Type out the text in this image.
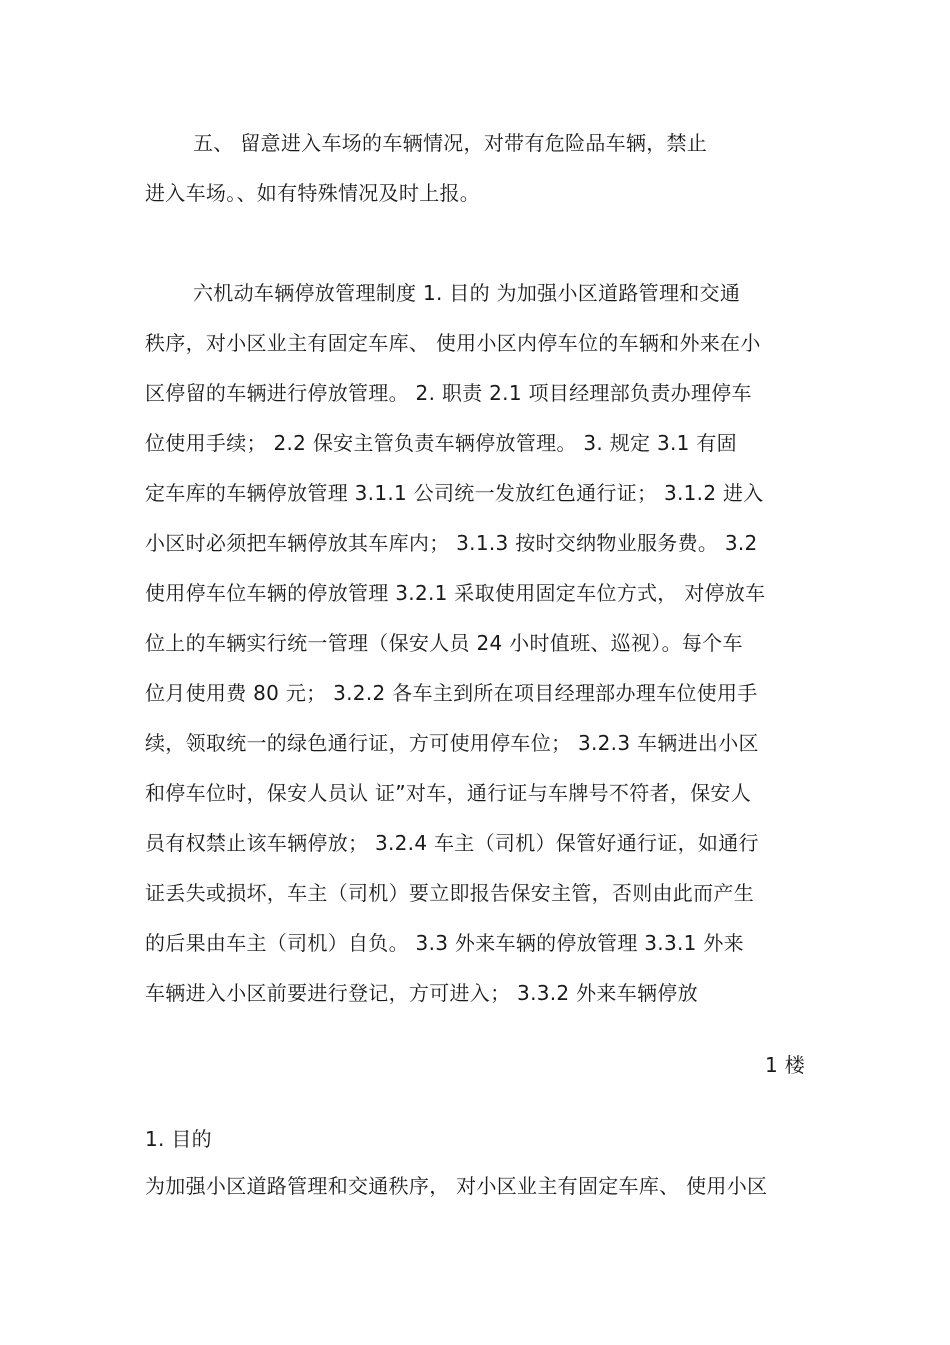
五、 留意进入车场的车辆情况，对带有危险品车辆，禁止
进入车场。、如有特殊情况及时上报。
六机动车辆停放管理制度 1. 目的 为加强小区道路管理和交通
秩序，对小区业主有固定车库、 使用小区内停车位的车辆和外来在小
区停留的车辆进行停放管理。 2. 职责 2.1 项目经理部负责办理停车
位使用手续； 2.2 保安主管负责车辆停放管理。 3. 规定 3.1 有固
定车库的车辆停放管理 3.1.1 公司统一发放红色通行证； 3.1.2 进入
小区时必须把车辆停放其车库内； 3.1.3 按时交纳物业服务费。 3.2
使用停车位车辆的停放管理 3.2.1 采取使用固定车位方式， 对停放车
位上的车辆实行统一管理（保安人员 24 小时值班、巡视）。每个车
位月使用费 80 元； 3.2.2 各车主到所在项目经理部办理车位使用手
续，领取统一的绿色通行证，方可使用停车位； 3.2.3 车辆进出小区
和停车位时，保安人员认 证”对车，通行证与车牌号不符者，保安人
员有权禁止该车辆停放； 3.2.4 车主（司机）保管好通行证，如通行
证丢失或损坏，车主（司机）要立即报告保安主管，否则由此而产生
的后果由车主（司机）自负。 3.3 外来车辆的停放管理 3.3.1 外来
车辆进入小区前要进行登记，方可进入； 3.3.2 外来车辆停放
1 楼
1. 目的
为加强小区道路管理和交通秩序， 对小区业主有固定车库、 使用小区
